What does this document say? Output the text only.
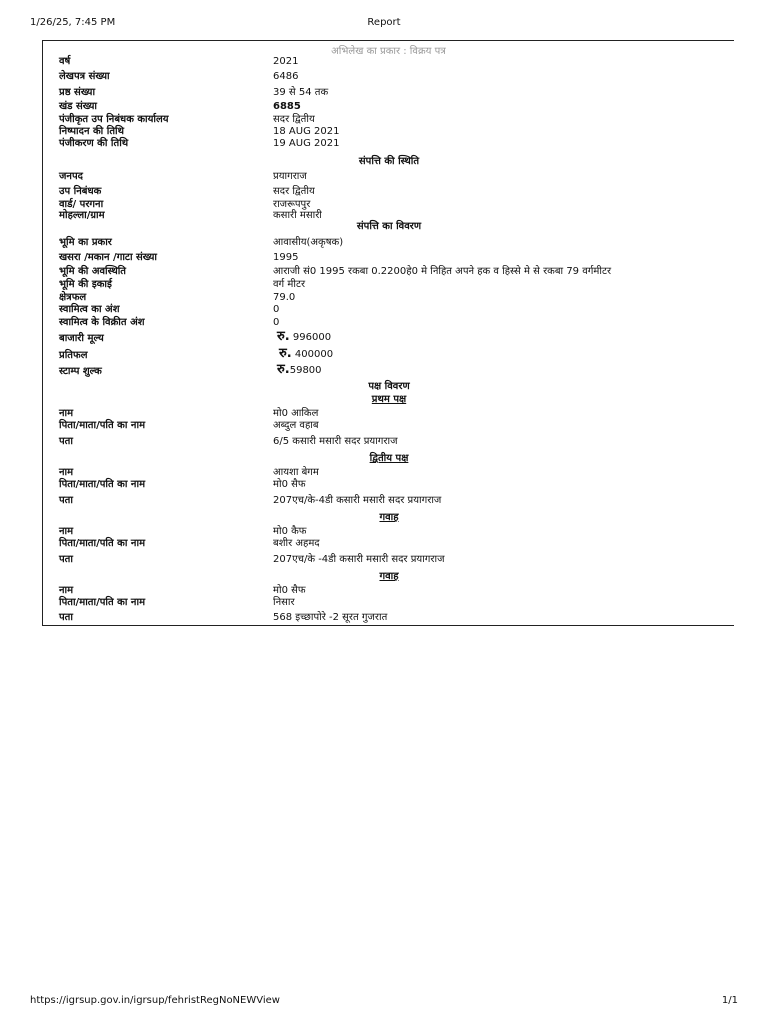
1/26/25, 7:45 PM	Report
अभिलेख का प्रकार : विक्रय पत्र
वर्ष	2021
लेखपत्र संख्या	6486
प्रष्ठ संख्या	39 से 54 तक
खंड संख्या	6885
पंजीकृत उप निबंधक कार्यालय	सदर द्वितीय
निष्पादन की तिथि	18 AUG 2021
पंजीकरण की तिथि	19 AUG 2021
संपत्ति की स्थिति
जनपद	प्रयागराज
उप निबंधक	सदर द्वितीय
वार्ड/ परगना	राजरूपपुर
मोहल्ला/ग्राम	कसारी मसारी
संपत्ति का विवरण
भूमि का प्रकार	आवासीय(अकृषक)
खसरा /मकान /गाटा संख्या	1995
भूमि की अवस्थिति	आराजी सं0 1995 रकबा 0.2200हे0 मे निहित अपने हक व हिस्से मे से रकबा 79 वर्गमीटर
भूमि की इकाई	वर्ग मीटर
क्षेत्रफल	79.0
स्वामित्व का अंश	0
स्वामित्व के विक्रीत अंश	0
बाजारी मूल्य	रु. 996000
प्रतिफल	रु. 400000
स्टाम्प शुल्क	रु.59800
पक्ष विवरण
प्रथम पक्ष
नाम	मो0 आकिल
पिता/माता/पति का नाम	अब्दुल वहाब
पता	6/5 कसारी मसारी सदर प्रयागराज
द्वितीय पक्ष
नाम	आयशा बेगम
पिता/माता/पति का नाम	मो0 सैफ
पता	207एच/के-4डी कसारी मसारी सदर प्रयागराज
गवाह
नाम	मो0 कैफ
पिता/माता/पति का नाम	बशीर अहमद
पता	207एच/के -4डी कसारी मसारी सदर प्रयागराज
गवाह
नाम	मो0 सैफ
पिता/माता/पति का नाम	निसार
पता	568 इच्छापोरे -2 सूरत गुजरात
https://igrsup.gov.in/igrsup/fehristRegNoNEWView	1/1
